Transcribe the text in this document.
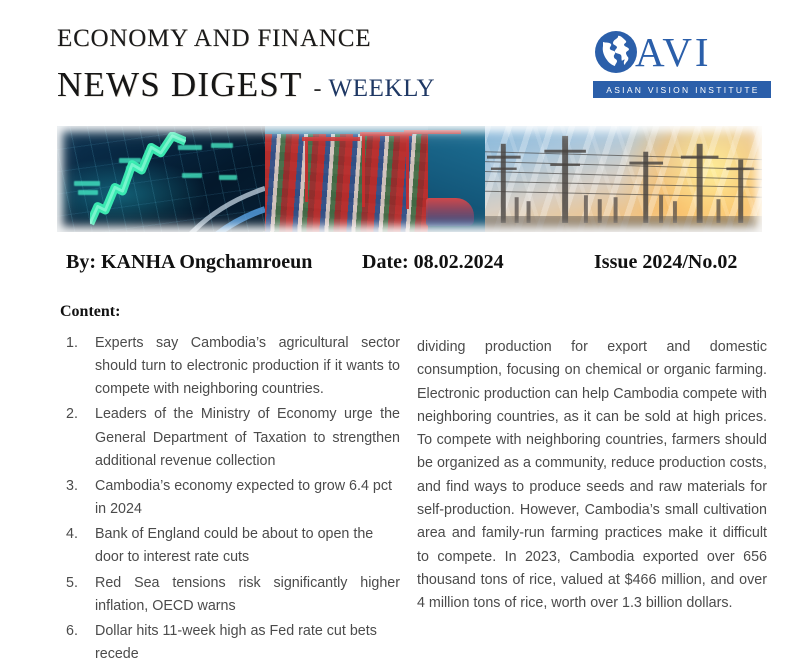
ECONOMY AND FINANCE
NEWS DIGEST - WEEKLY
AVI
ASIAN VISION INSTITUTE
By: KANHA Ongchamroeun Date: 08.02.2024	Issue 2024/No.02
Content:
1.	Experts say Cambodia’s agricultural sector should turn to electronic production if it wants to compete with neighboring countries.
2.	Leaders of the Ministry of Economy urge the General Department of Taxation to strengthen additional revenue collection
3.	Cambodia’s economy expected to grow 6.4 pct in 2024
4.	Bank of England could be about to open the door to interest rate cuts
5.	Red Sea tensions risk significantly higher inflation, OECD warns
6.	Dollar hits 11-week high as Fed rate cut bets recede

dividing production for export and domestic consumption, focusing on chemical or organic farming. Electronic production can help Cambodia compete with neighboring countries, as it can be sold at high prices. To compete with neighboring countries, farmers should be organized as a community, reduce production costs, and find ways to produce seeds and raw materials for self-production. However, Cambodia’s small cultivation area and family-run farming practices make it difficult to compete. In 2023, Cambodia exported over 656 thousand tons of rice, valued at $466 million, and over 4 million tons of rice, worth over 1.3 billion dollars.
